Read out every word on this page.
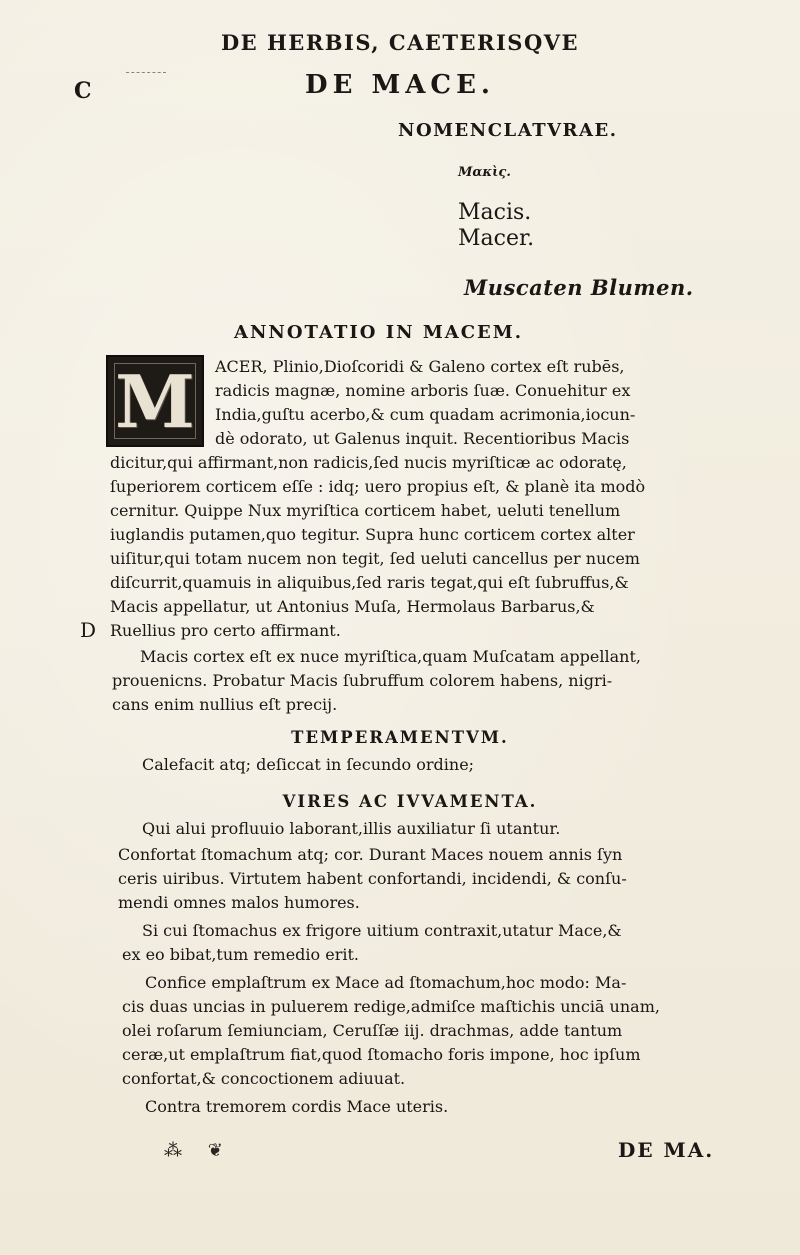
DE HERBIS, CAETERISQVE
C	DE MACE.
NOMENCLATVRAE.
Μακὶς.
Macis.
Macer.
Muscaten Blumen.
ANNOTATIO IN MACEM.
M	ACER, Plinio,Dioſcoridi & Galeno cortex eſt rubēs,
radicis magnæ, nomine arboris ſuæ. Conuehitur ex
India,guſtu acerbo,& cum quadam acrimonia,iocun-
dè odorato, ut Galenus inquit. Recentioribus Macis
dicitur,qui affirmant,non radicis,ſed nucis myriſticæ ac odoratę,
ſuperiorem corticem eſſe : idq; uero propius eſt, & planè ita modò
cernitur. Quippe Nux myriſtica corticem habet, ueluti tenellum
iuglandis putamen,quo tegitur. Supra hunc corticem cortex alter
uiſitur,qui totam nucem non tegit, ſed ueluti cancellus per nucem
diſcurrit,quamuis in aliquibus,ſed raris tegat,qui eſt ſubruffus,&
D
Macis appellatur, ut Antonius Muſa, Hermolaus Barbarus,&
Ruellius pro certo affirmant.
Macis cortex eſt ex nuce myriſtica,quam Muſcatam appellant,
prouenicns. Probatur Macis ſubruffum colorem habens, nigri-
cans enim nullius eſt precij.
TEMPERAMENTVM.
Calefacit atq; deſiccat in ſecundo ordine;
VIRES AC IVVAMENTA.
Qui alui profluuio laborant,illis auxiliatur ſi utantur.
Confortat ſtomachum atq; cor. Durant Maces nouem annis ſyn
ceris uiribus. Virtutem habent confortandi, incidendi, & conſu-
mendi omnes malos humores.
Si cui ſtomachus ex frigore uitium contraxit,utatur Mace,&
ex eo bibat,tum remedio erit.
Confice emplaſtrum ex Mace ad ſtomachum,hoc modo: Ma-
cis duas uncias in puluerem redige,admiſce maſtichis unciā unam,
olei roſarum ſemiunciam, Ceruſſæ iij. drachmas, adde tantum
ceræ,ut emplaſtrum fiat,quod ſtomacho foris impone, hoc ipſum
confortat,& concoctionem adiuuat.
Contra tremorem cordis Mace uteris.
⁂ ❦	DE MA.
